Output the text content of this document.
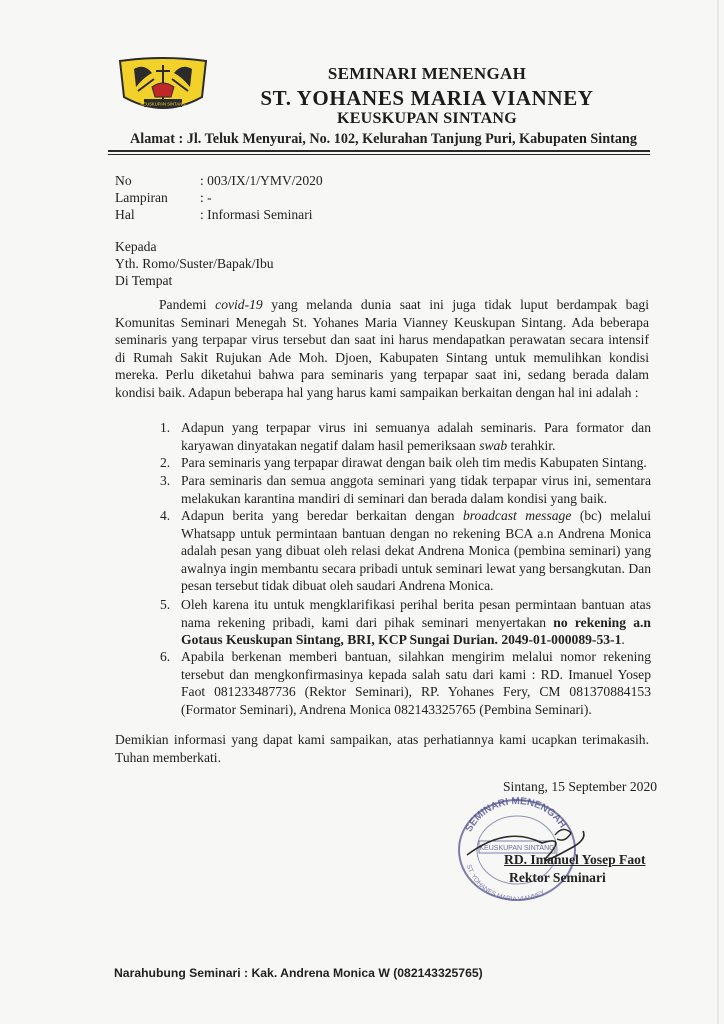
KEUSKUPAN SINTANG
SEMINARI MENENGAH
ST. YOHANES MARIA VIANNEY
KEUSKUPAN SINTANG
Alamat : Jl. Teluk Menyurai, No. 102, Kelurahan Tanjung Puri, Kabupaten Sintang
No	: 003/IX/1/YMV/2020
Lampiran : -
Hal	: Informasi Seminari
Kepada
Yth. Romo/Suster/Bapak/Ibu
Di Tempat
Pandemi covid-19 yang melanda dunia saat ini juga tidak luput berdampak bagi Komunitas Seminari Menegah St. Yohanes Maria Vianney Keuskupan Sintang. Ada beberapa seminaris yang terpapar virus tersebut dan saat ini harus mendapatkan perawatan secara intensif di Rumah Sakit Rujukan Ade Moh. Djoen, Kabupaten Sintang untuk memulihkan kondisi mereka. Perlu diketahui bahwa para seminaris yang terpapar saat ini, sedang berada dalam kondisi baik. Adapun beberapa hal yang harus kami sampaikan berkaitan dengan hal ini adalah :
1. Adapun yang terpapar virus ini semuanya adalah seminaris. Para formator dan karyawan dinyatakan negatif dalam hasil pemeriksaan swab terahkir.
2. Para seminaris yang terpapar dirawat dengan baik oleh tim medis Kabupaten Sintang.
3. Para seminaris dan semua anggota seminari yang tidak terpapar virus ini, sementara melakukan karantina mandiri di seminari dan berada dalam kondisi yang baik.
4. Adapun berita yang beredar berkaitan dengan broadcast message (bc) melalui Whatsapp untuk permintaan bantuan dengan no rekening BCA a.n Andrena Monica adalah pesan yang dibuat oleh relasi dekat Andrena Monica (pembina seminari) yang awalnya ingin membantu secara pribadi untuk seminari lewat yang bersangkutan. Dan pesan tersebut tidak dibuat oleh saudari Andrena Monica.
5. Oleh karena itu untuk mengklarifikasi perihal berita pesan permintaan bantuan atas nama rekening pribadi, kami dari pihak seminari menyertakan no rekening a.n Gotaus Keuskupan Sintang, BRI, KCP Sungai Durian. 2049-01-000089-53-1.
6. Apabila berkenan memberi bantuan, silahkan mengirim melalui nomor rekening tersebut dan mengkonfirmasinya kepada salah satu dari kami : RD. Imanuel Yosep Faot 081233487736 (Rektor Seminari), RP. Yohanes Fery, CM 081370884153 (Formator Seminari), Andrena Monica 082143325765 (Pembina Seminari).
Demikian informasi yang dapat kami sampaikan, atas perhatiannya kami ucapkan terimakasih. Tuhan memberkati.
Sintang, 15 September 2020
SEMINARI MENENGAH
ST. YOHANES MARIA VIANNEY
KEUSKUPAN SINTANG
RD. Imanuel Yosep Faot
Rektor Seminari
Narahubung Seminari : Kak. Andrena Monica W (082143325765)
